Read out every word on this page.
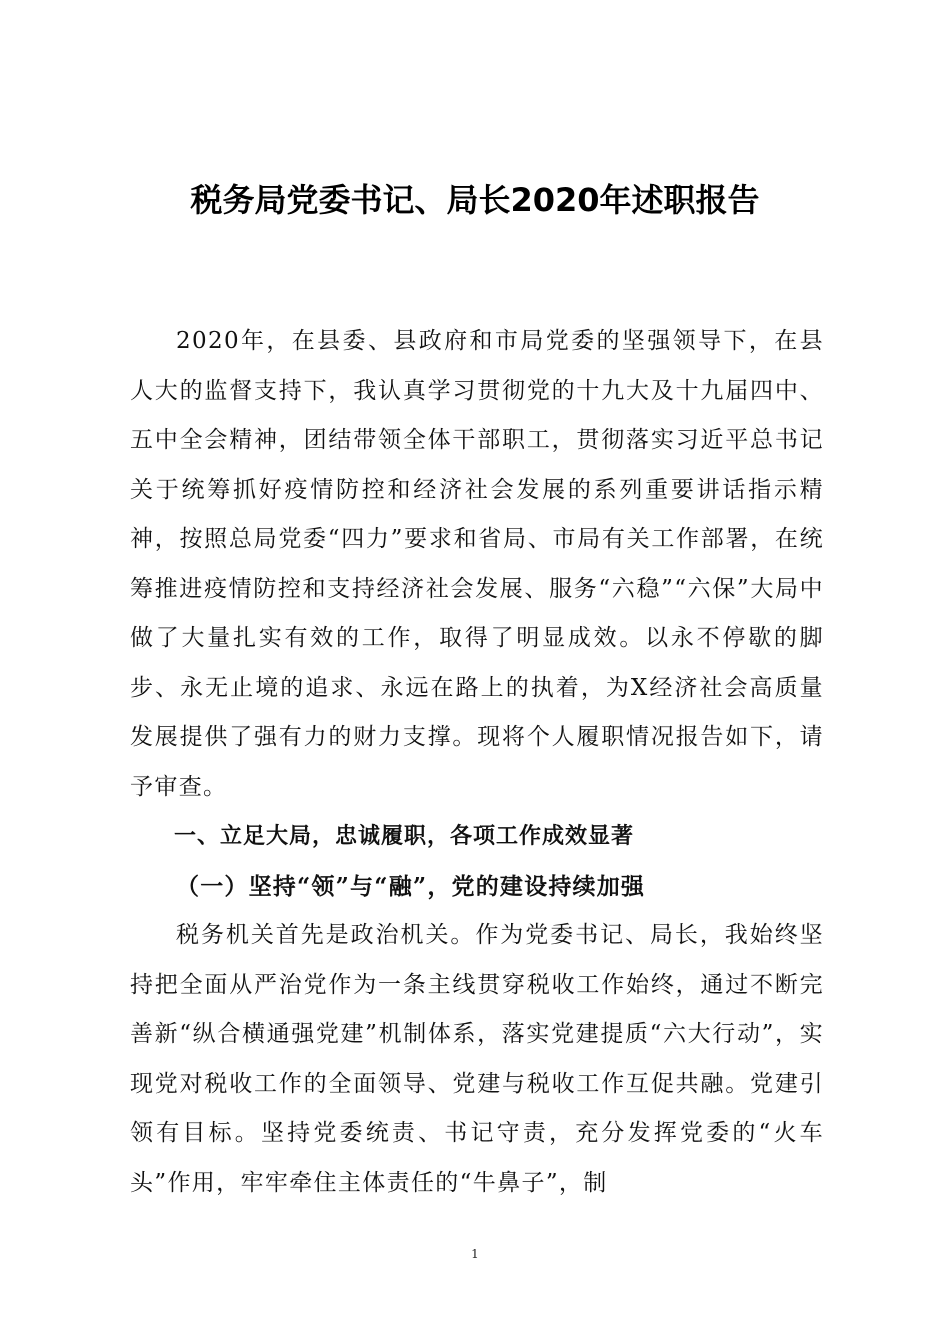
税务局党委书记、局长2020年述职报告

2020年，在县委、县政府和市局党委的坚强领导下，在县人大的监督支持下，我认真学习贯彻党的十九大及十九届四中、五中全会精神，团结带领全体干部职工，贯彻落实习近平总书记关于统筹抓好疫情防控和经济社会发展的系列重要讲话指示精神，按照总局党委“四力”要求和省局、市局有关工作部署，在统筹推进疫情防控和支持经济社会发展、服务“六稳”“六保”大局中做了大量扎实有效的工作，取得了明显成效。以永不停歇的脚步、永无止境的追求、永远在路上的执着，为X经济社会高质量发展提供了强有力的财力支撑。现将个人履职情况报告如下，请予审查。

一、立足大局，忠诚履职，各项工作成效显著

（一）坚持“领”与“融”，党的建设持续加强

税务机关首先是政治机关。作为党委书记、局长，我始终坚持把全面从严治党作为一条主线贯穿税收工作始终，通过不断完善新“纵合横通强党建”机制体系，落实党建提质“六大行动”，实现党对税收工作的全面领导、党建与税收工作互促共融。党建引领有目标。坚持党委统责、书记守责，充分发挥党委的“火车头”作用，牢牢牵住主体责任的“牛鼻子”，制

1
